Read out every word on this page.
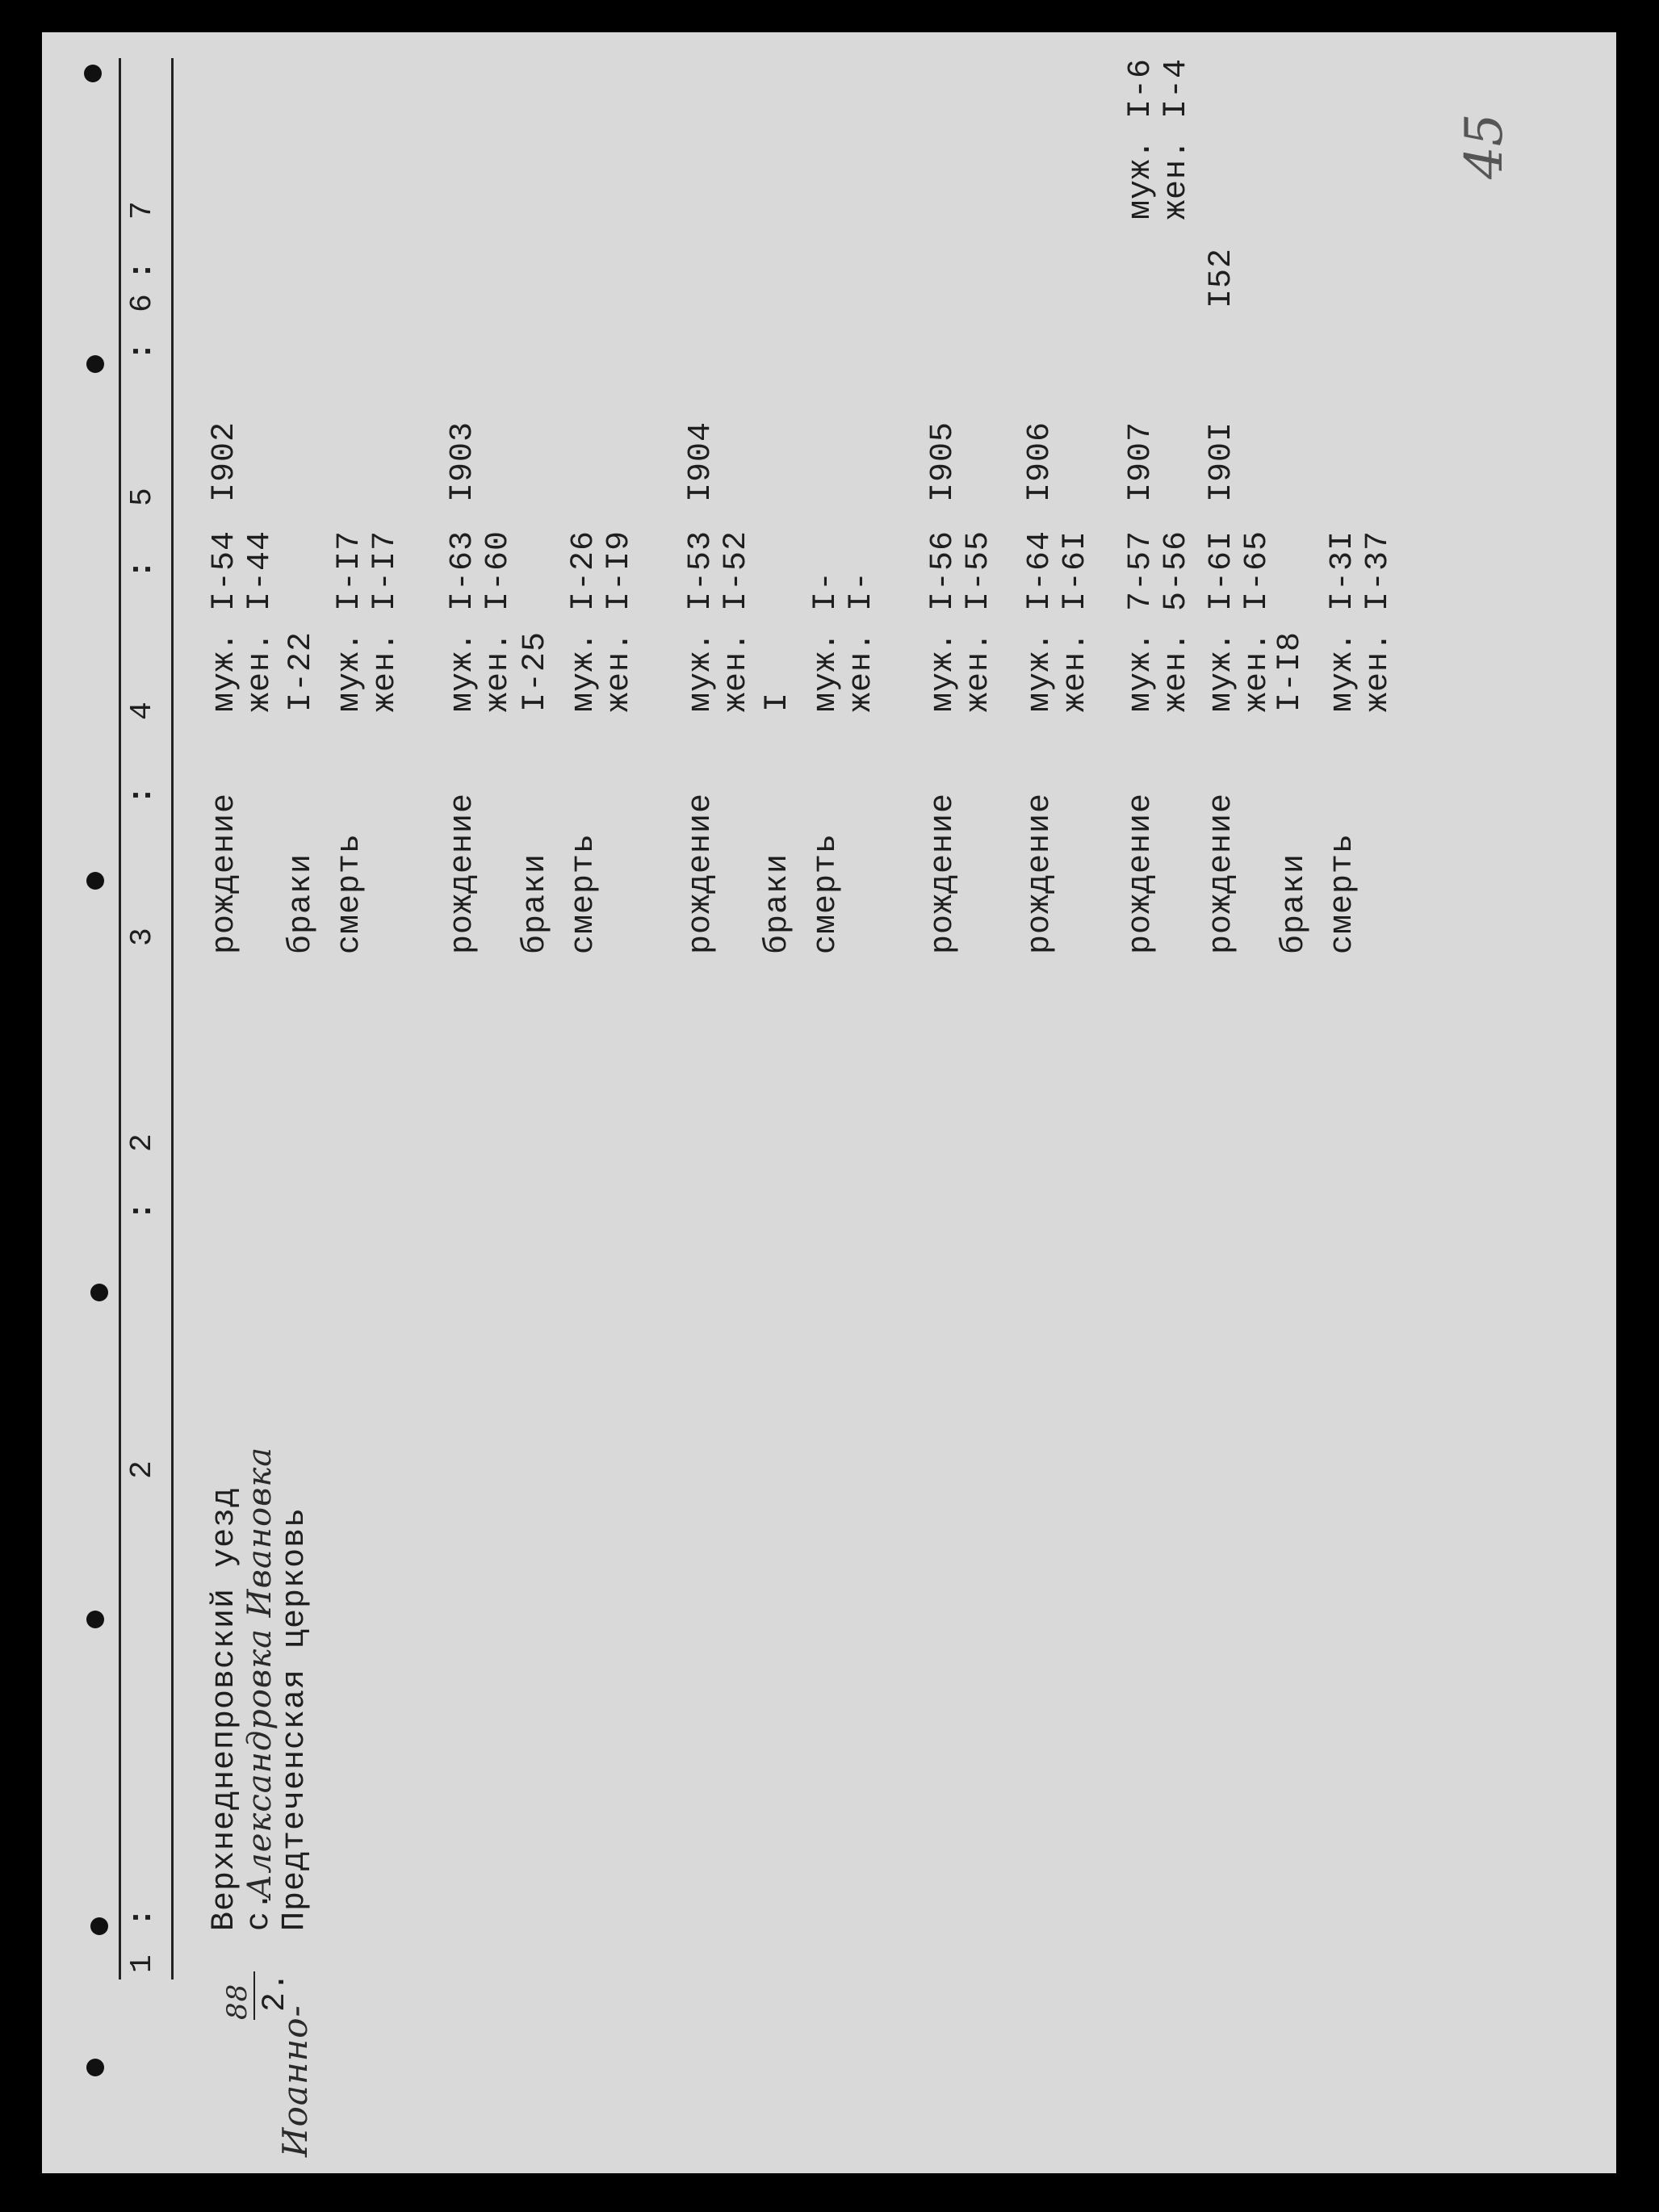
1
:
2
:
3
:
4
:
5
:
6
:
7
2
88 2.
Верхнеднепровский уезд
с.
Александровка Ивановка
Иоанно-
Предтеченская церковь
рождение
муж. I-54
жен. I-44
I902
браки
I-22
смерть
муж. I-I7
жен. I-I7
рождение
муж. I-63
жен. I-60
I903
браки
I-25
смерть
муж. I-26
жен. I-I9
рождение
муж. I-53
жен. I-52
I904
браки
I
смерть
муж. I-
жен. I-
рождение
муж. I-56
жен. I-55
I905
рождение
муж. I-64
жен. I-6I
I906
рождение
муж. 7-57
жен. 5-56
I907
рождение
муж. I-6I
жен. I-65
I90I
браки
I-I8
смерть
муж. I-3I
жен. I-37
I52
муж. I-6
жен. I-4
45
